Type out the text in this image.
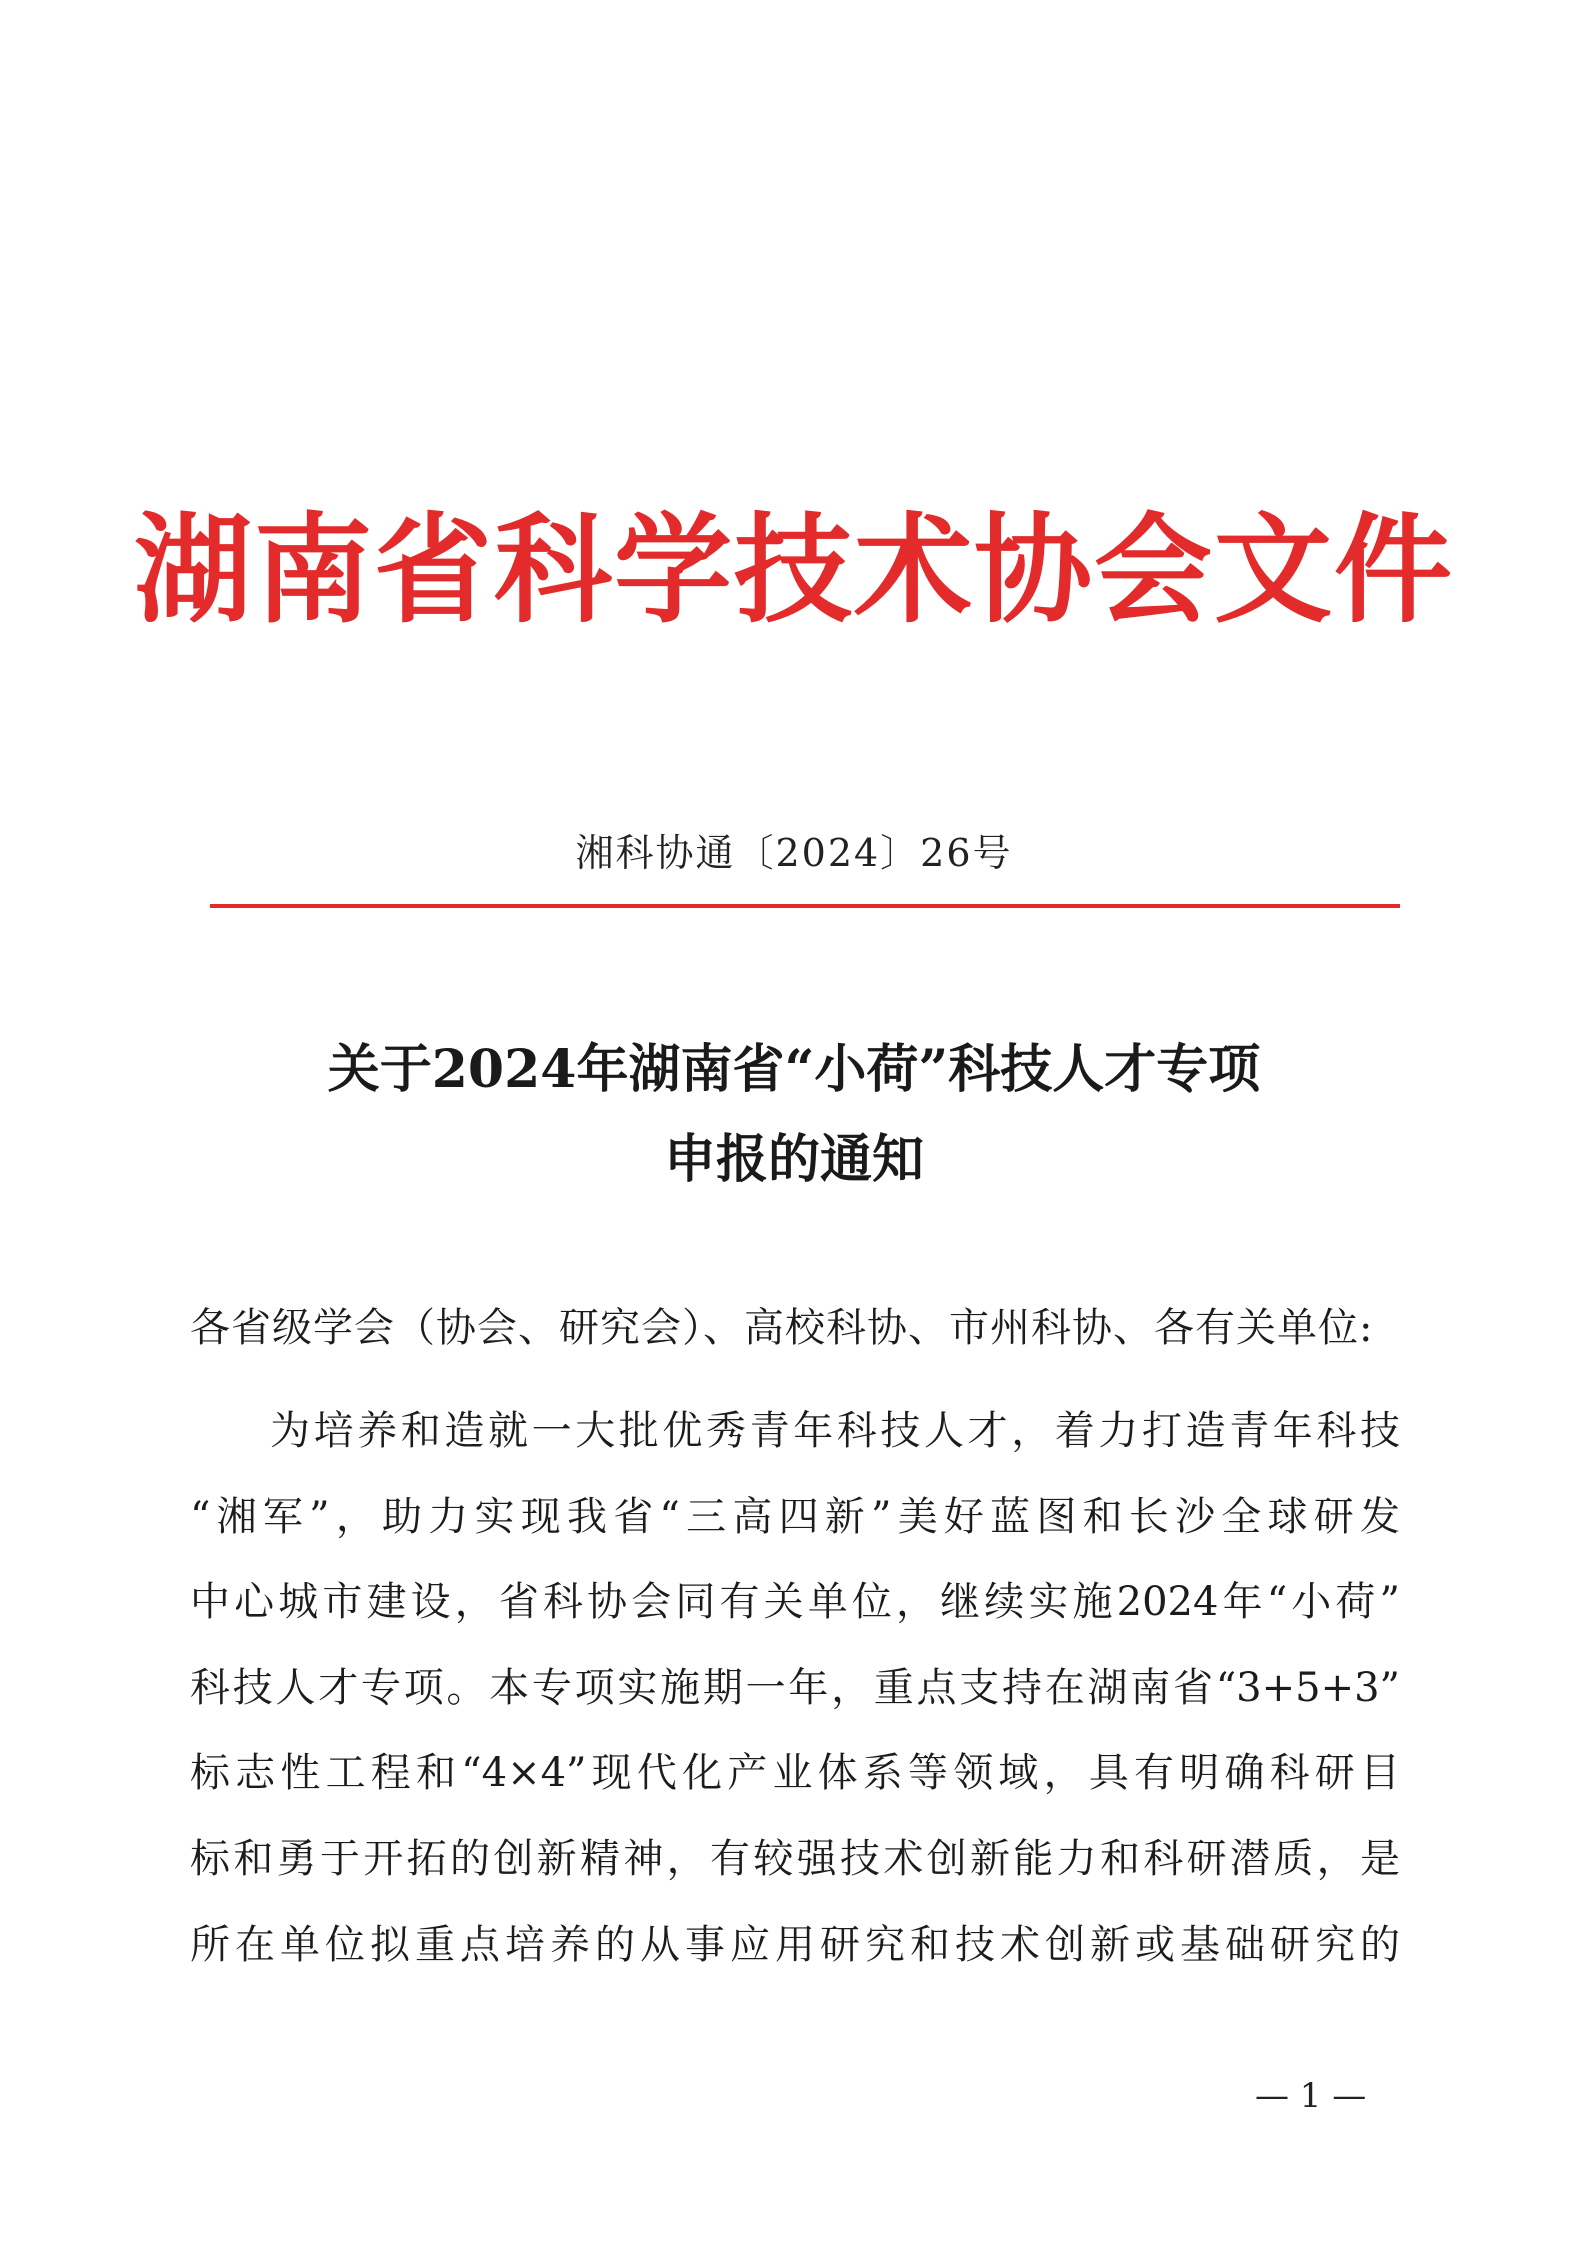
湖南省科学技术协会文件
湘科协通〔2024〕26号
关于2024年湖南省“小荷”科技人才专项
申报的通知
各省级学会（协会、研究会）、高校科协、市州科协、各有关单位:
为培养和造就一大批优秀青年科技人才，着力打造青年科技
“湘军”，助力实现我省“三高四新”美好蓝图和长沙全球研发
中心城市建设，省科协会同有关单位，继续实施2024年“小荷”
科技人才专项。本专项实施期一年，重点支持在湖南省“3+5+3”
标志性工程和“4×4”现代化产业体系等领域，具有明确科研目
标和勇于开拓的创新精神，有较强技术创新能力和科研潜质，是
所在单位拟重点培养的从事应用研究和技术创新或基础研究的
— 1 —
